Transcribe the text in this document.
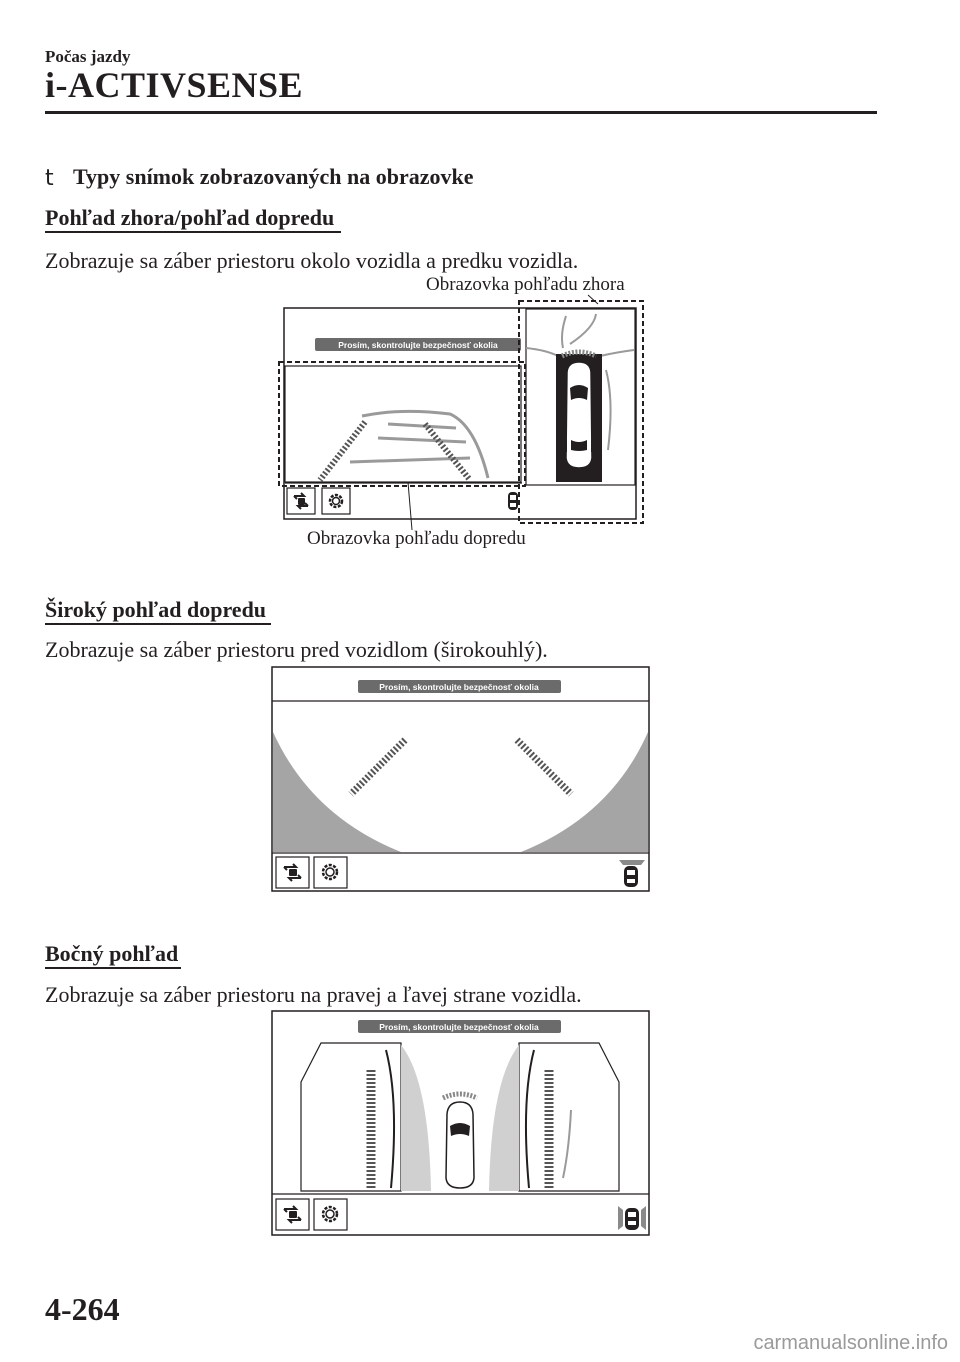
Počas jazdy
i-ACTIVSENSE
t Typy snímok zobrazovaných na obrazovke
Pohľad zhora/pohľad dopredu
Zobrazuje sa záber priestoru okolo vozidla a predku vozidla.
Obrazovka pohľadu zhora
Prosím, skontrolujte bezpečnosť okolia
Obrazovka pohľadu dopredu
Široký pohľad dopredu
Zobrazuje sa záber priestoru pred vozidlom (širokouhlý).
Prosím, skontrolujte bezpečnosť okolia
Bočný pohľad
Zobrazuje sa záber priestoru na pravej a ľavej strane vozidla.
Prosím, skontrolujte bezpečnosť okolia
4-264
carmanualsonline.info
